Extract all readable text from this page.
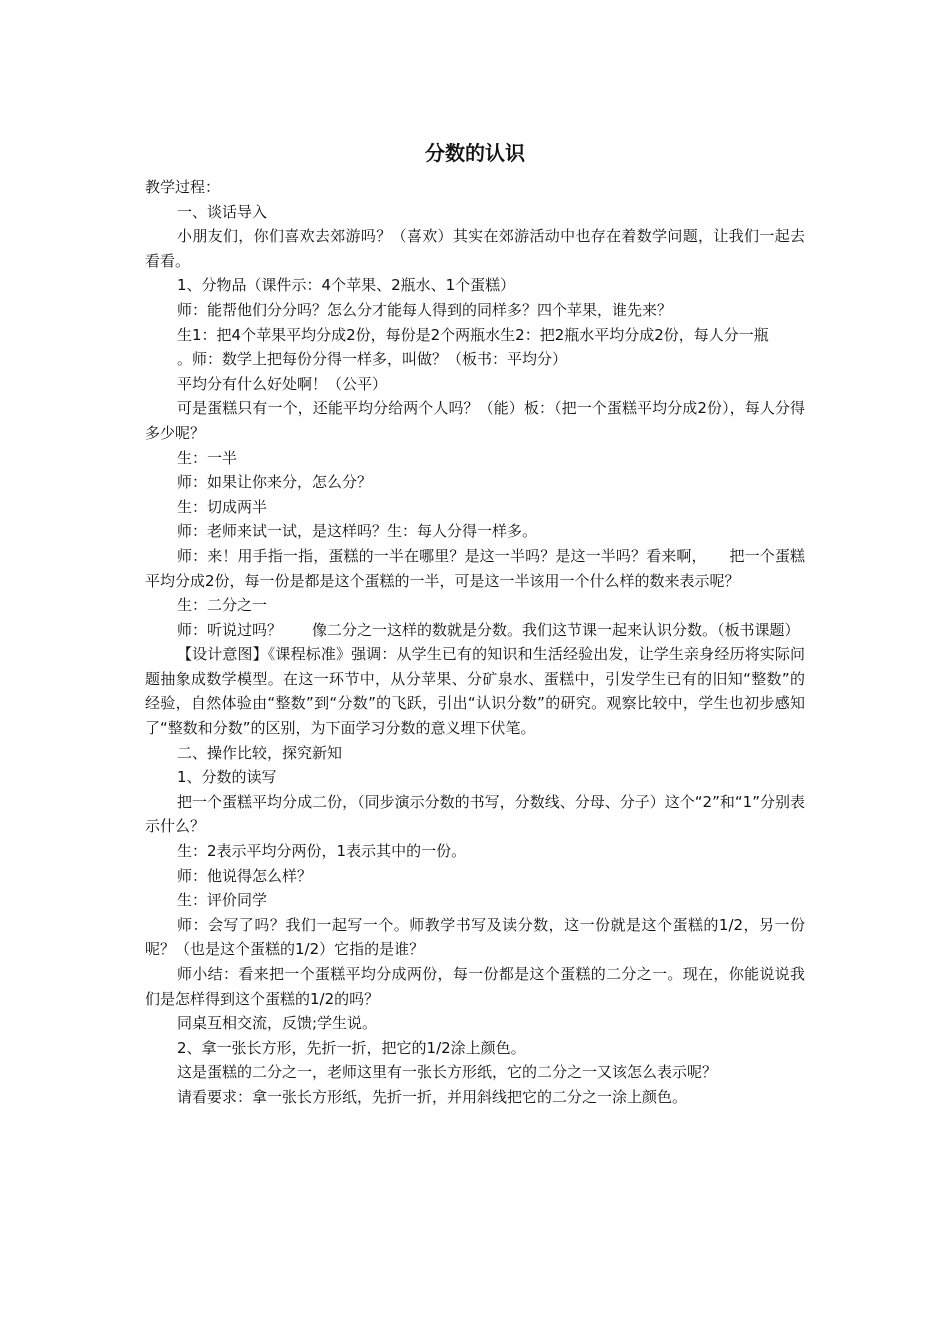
分数的认识

教学过程：

一、谈话导入

小朋友们，你们喜欢去郊游吗？（喜欢）其实在郊游活动中也存在着数学问题，让我们一起去看看。

1、分物品（课件示：4个苹果、2瓶水、1个蛋糕）

师：能帮他们分分吗？怎么分才能每人得到的同样多？四个苹果，谁先来？

生1：把4个苹果平均分成2份，每份是2个两瓶水生2：把2瓶水平均分成2份，每人分一瓶

。师：数学上把每份分得一样多，叫做？（板书：平均分）

平均分有什么好处啊！（公平）

可是蛋糕只有一个，还能平均分给两个人吗？（能）板：（把一个蛋糕平均分成2份），每人分得多少呢？

生：一半

师：如果让你来分，怎么分？

生：切成两半

师：老师来试一试，是这样吗？生：每人分得一样多。

师：来！用手指一指，蛋糕的一半在哪里？是这一半吗？是这一半吗？看来啊，　　把一个蛋糕平均分成2份，每一份是都是这个蛋糕的一半，可是这一半该用一个什么样的数来表示呢？

生：二分之一

师：听说过吗？　　像二分之一这样的数就是分数。我们这节课一起来认识分数。（板书课题）

【设计意图】《课程标准》强调：从学生已有的知识和生活经验出发，让学生亲身经历将实际问题抽象成数学模型。在这一环节中，从分苹果、分矿泉水、蛋糕中，引发学生已有的旧知“整数”的经验，自然体验由“整数”到“分数”的飞跃，引出“认识分数”的研究。观察比较中，学生也初步感知了“整数和分数”的区别，为下面学习分数的意义埋下伏笔。

二、操作比较，探究新知

1、分数的读写

把一个蛋糕平均分成二份，（同步演示分数的书写，分数线、分母、分子）这个“2”和“1”分别表示什么？

生：2表示平均分两份，1表示其中的一份。

师：他说得怎么样？

生：评价同学

师：会写了吗？我们一起写一个。师教学书写及读分数，这一份就是这个蛋糕的1/2，另一份呢？（也是这个蛋糕的1/2）它指的是谁？

师小结：看来把一个蛋糕平均分成两份，每一份都是这个蛋糕的二分之一。现在，你能说说我们是怎样得到这个蛋糕的1/2的吗？

同桌互相交流，反馈;学生说。

2、拿一张长方形，先折一折，把它的1/2涂上颜色。

这是蛋糕的二分之一，老师这里有一张长方形纸，它的二分之一又该怎么表示呢？

请看要求：拿一张长方形纸，先折一折，并用斜线把它的二分之一涂上颜色。
